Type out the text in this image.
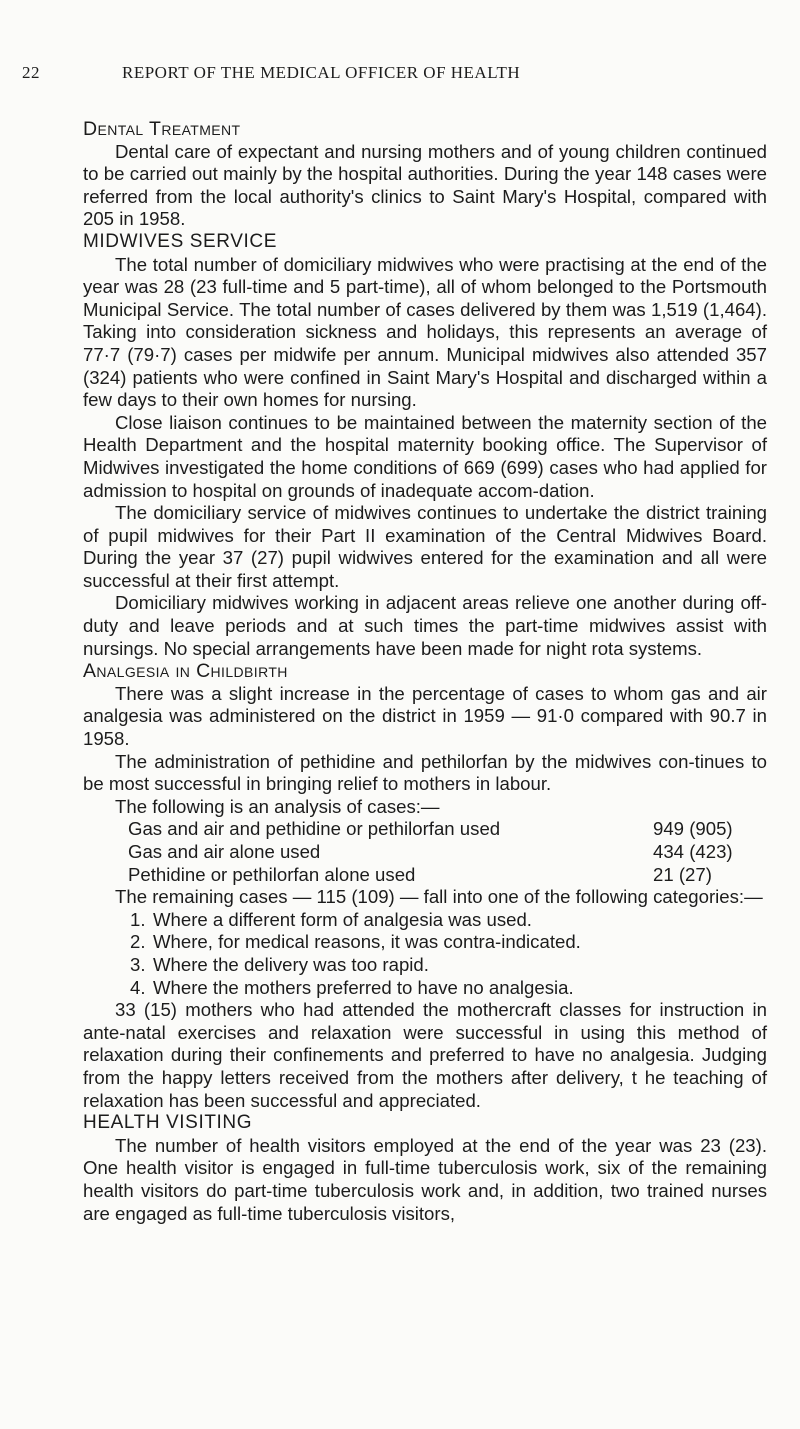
22	REPORT OF THE MEDICAL OFFICER OF HEALTH

Dental Treatment

Dental care of expectant and nursing mothers and of young children continued to be carried out mainly by the hospital authorities. During the year 148 cases were referred from the local authority's clinics to Saint Mary's Hospital, compared with 205 in 1958.

MIDWIVES SERVICE

The total number of domiciliary midwives who were practising at the end of the year was 28 (23 full-time and 5 part-time), all of whom belonged to the Portsmouth Municipal Service. The total number of cases delivered by them was 1,519 (1,464). Taking into consideration sickness and holidays, this represents an average of 77·7 (79·7) cases per midwife per annum. Municipal midwives also attended 357 (324) patients who were confined in Saint Mary's Hospital and discharged within a few days to their own homes for nursing.

Close liaison continues to be maintained between the maternity section of the Health Department and the hospital maternity booking office. The Supervisor of Midwives investigated the home conditions of 669 (699) cases who had applied for admission to hospital on grounds of inadequate accom-dation.

The domiciliary service of midwives continues to undertake the district training of pupil midwives for their Part II examination of the Central Midwives Board. During the year 37 (27) pupil widwives entered for the examination and all were successful at their first attempt.

Domiciliary midwives working in adjacent areas relieve one another during off-duty and leave periods and at such times the part-time midwives assist with nursings. No special arrangements have been made for night rota systems.

Analgesia in Childbirth

There was a slight increase in the percentage of cases to whom gas and air analgesia was administered on the district in 1959 — 91·0 compared with 90.7 in 1958.

The administration of pethidine and pethilorfan by the midwives con-tinues to be most successful in bringing relief to mothers in labour.

The following is an analysis of cases:—

Gas and air and pethidine or pethilorfan used	949 (905)
Gas and air alone used	434 (423)
Pethidine or pethilorfan alone used	21 (27)

The remaining cases — 115 (109) — fall into one of the following categories:—

1. Where a different form of analgesia was used.
2. Where, for medical reasons, it was contra-indicated.
3. Where the delivery was too rapid.
4. Where the mothers preferred to have no analgesia.

33 (15) mothers who had attended the mothercraft classes for instruction in ante-natal exercises and relaxation were successful in using this method of relaxation during their confinements and preferred to have no analgesia. Judging from the happy letters received from the mothers after delivery, t he teaching of relaxation has been successful and appreciated.

HEALTH VISITING

The number of health visitors employed at the end of the year was 23 (23). One health visitor is engaged in full-time tuberculosis work, six of the remaining health visitors do part-time tuberculosis work and, in addition, two trained nurses are engaged as full-time tuberculosis visitors,
